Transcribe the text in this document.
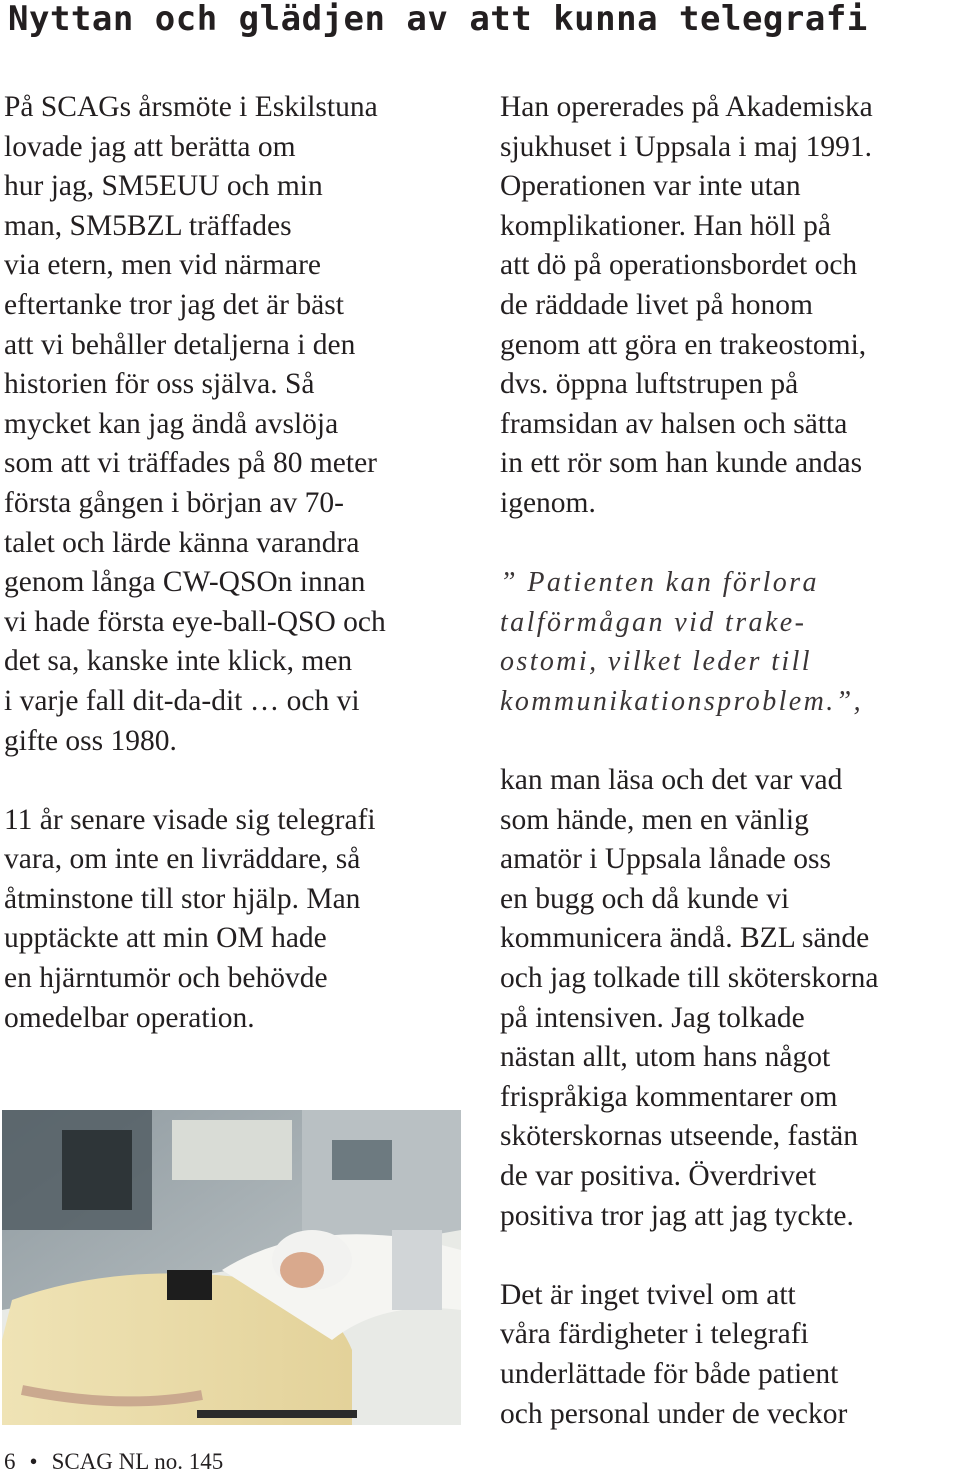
Nyttan och glädjen av att kunna telegrafi

På SCAGs årsmöte i Eskilstuna
lovade jag att berätta om
hur jag, SM5EUU och min
man, SM5BZL träffades
via etern, men vid närmare
eftertanke tror jag det är bäst
att vi behåller detaljerna i den
historien för oss själva. Så
mycket kan jag ändå avslöja
som att vi träffades på 80 meter
första gången i början av 70-
talet och lärde känna varandra
genom långa CW-QSOn innan
vi hade första eye-ball-QSO och
det sa, kanske inte klick, men
i varje fall dit-da-dit … och vi
gifte oss 1980.

11 år senare visade sig telegrafi
vara, om inte en livräddare, så
åtminstone till stor hjälp. Man
upptäckte att min OM hade
en hjärntumör och behövde
omedelbar operation.

Han opererades på Akademiska
sjukhuset i Uppsala i maj 1991.
Operationen var inte utan
komplikationer. Han höll på
att dö på operationsbordet och
de räddade livet på honom
genom att göra en trakeostomi,
dvs. öppna luftstrupen på
framsidan av halsen och sätta
in ett rör som han kunde andas
igenom.

” Patienten kan förlora
talförmågan vid trake-
ostomi, vilket leder till
kommunikationsproblem.”,

kan man läsa och det var vad
som hände, men en vänlig
amatör i Uppsala lånade oss
en bugg och då kunde vi
kommunicera ändå. BZL sände
och jag tolkade till sköterskorna
på intensiven. Jag tolkade
nästan allt, utom hans något
frispråkiga kommentarer om
sköterskornas utseende, fastän
de var positiva. Överdrivet
positiva tror jag att jag tyckte.

Det är inget tvivel om att
våra färdigheter i telegrafi
underlättade för både patient
och personal under de veckor

6 • SCAG NL no. 145
